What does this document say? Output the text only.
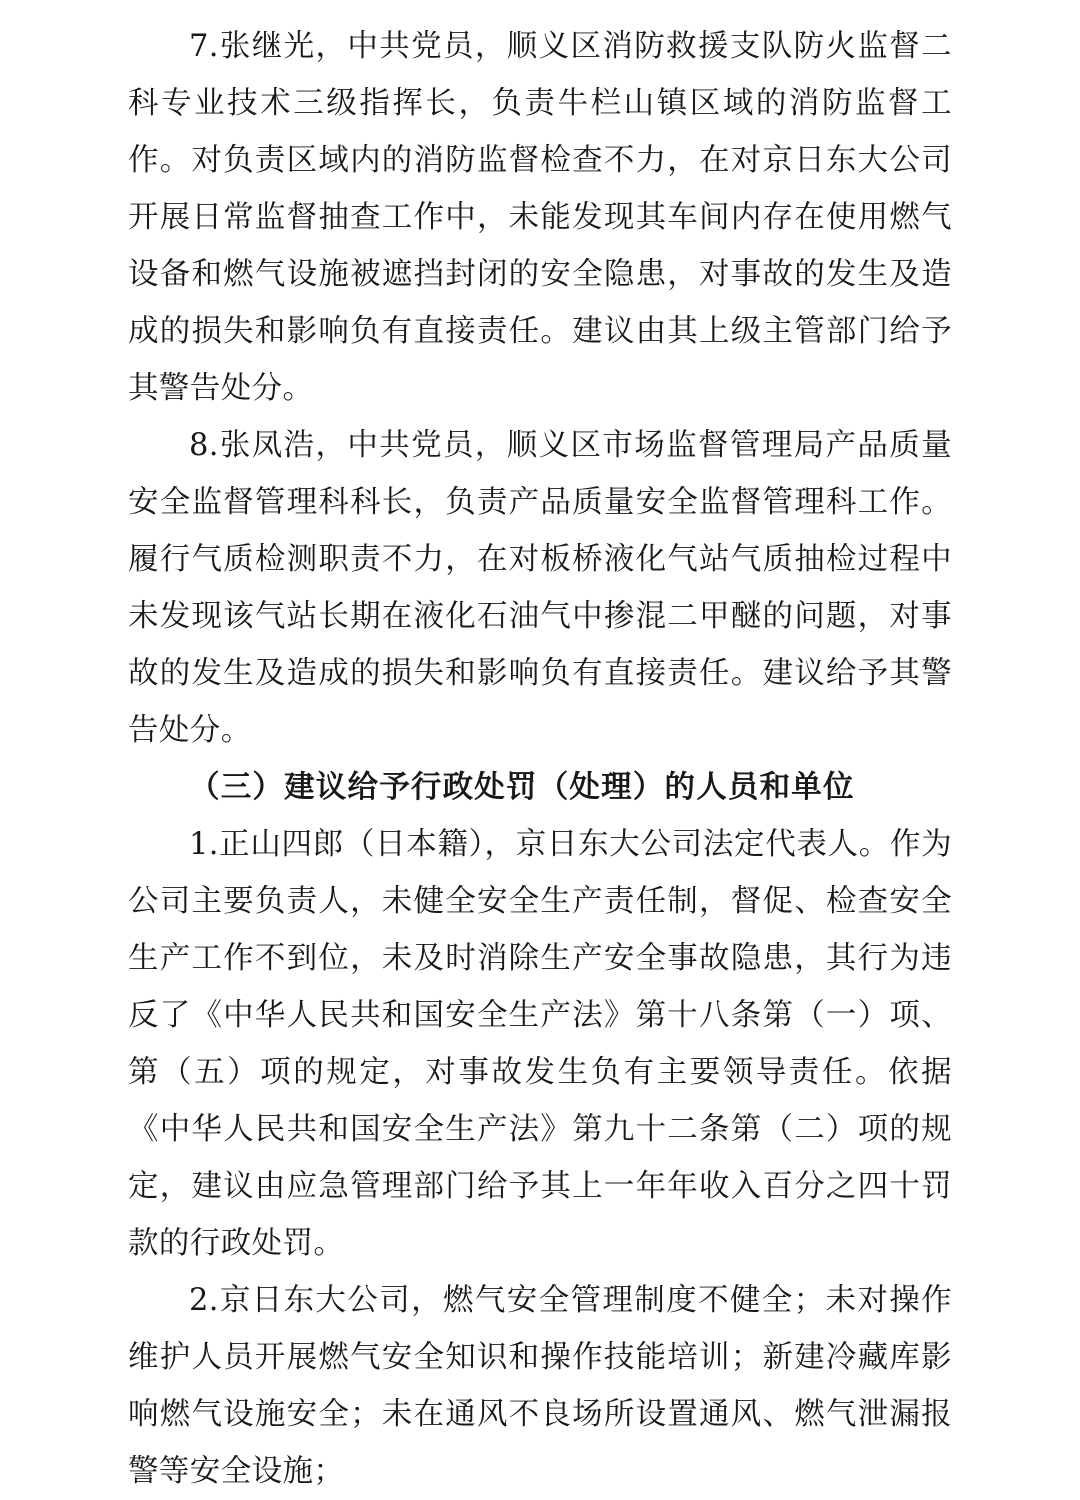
7.张继光，中共党员，顺义区消防救援支队防火监督二科专业技术三级指挥长，负责牛栏山镇区域的消防监督工作。对负责区域内的消防监督检查不力，在对京日东大公司开展日常监督抽查工作中，未能发现其车间内存在使用燃气设备和燃气设施被遮挡封闭的安全隐患，对事故的发生及造成的损失和影响负有直接责任。建议由其上级主管部门给予其警告处分。

8.张凤浩，中共党员，顺义区市场监督管理局产品质量安全监督管理科科长，负责产品质量安全监督管理科工作。履行气质检测职责不力，在对板桥液化气站气质抽检过程中未发现该气站长期在液化石油气中掺混二甲醚的问题，对事故的发生及造成的损失和影响负有直接责任。建议给予其警告处分。

（三）建议给予行政处罚（处理）的人员和单位

1.正山四郎（日本籍），京日东大公司法定代表人。作为公司主要负责人，未健全安全生产责任制，督促、检查安全生产工作不到位，未及时消除生产安全事故隐患，其行为违反了《中华人民共和国安全生产法》第十八条第（一）项、第（五）项的规定，对事故发生负有主要领导责任。依据《中华人民共和国安全生产法》第九十二条第（二）项的规定，建议由应急管理部门给予其上一年年收入百分之四十罚款的行政处罚。

2.京日东大公司，燃气安全管理制度不健全；未对操作维护人员开展燃气安全知识和操作技能培训；新建冷藏库影响燃气设施安全；未在通风不良场所设置通风、燃气泄漏报警等安全设施；
